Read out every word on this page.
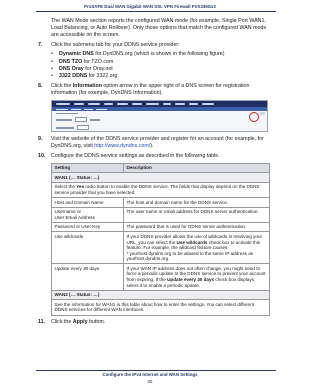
ProSAFE Dual WAN Gigabit WAN SSL VPN Firewall FVS336Gv2

The WAN Mode section reports the configured WAN mode (for example, Single Port WAN1, Load Balancing, or Auto Rollover). Only those options that match the configured WAN mode are accessible on the screen.

7.	Click the submenu tab for your DDNS service provider:
•	Dynamic DNS for DynDNS.org (which is shown in the following figure)
•	DNS TZO for TZO.com
•	DNS Oray for Oray.net
•	3322 DDNS for 3322.org
8.	Click the Information option arrow in the upper right of a DNS screen for registration information (for example, DynDNS Information).
9.	Visit the website of the DDNS service provider and register for an account (for example, for DynDNS.org, visit http://www.dyndns.com/).
10.	Configure the DDNS service settings as described in the following table.
Setting	Description
WAN1 (… Status: …)	
Select the Yes radio button to enable the DDNS service. The fields that display depend on the DDNS service provider that you have selected:	
Host and Domain Name	The host and domain name for the DDNS service.
Username or
User Email Address	The user name or email address for DDNS server authentication.
Password or User Key	The password that is used for DDNS server authentication.
Use wildcards	If your DDNS provider allows the use of wildcards in resolving your URL, you can select the Use wildcards check box to activate this feature. For example, the wildcard feature causes *.yourhost.dyndns.org to be aliased to the same IP address as yourhost.dyndns.org.
Update every 30 days	If your WAN IP address does not often change, you might need to force a periodic update to the DDNS service to prevent your account from expiring. If the Update every 30 days check box displays, select it to enable a periodic update.
WAN2 (… Status: …)	
See the information for WAN1 in this table about how to enter the settings. You can select different DDNS services for different WAN interfaces.	
11.	Click the Apply button.
Configure the IPv4 Internet and WAN Settings
65
